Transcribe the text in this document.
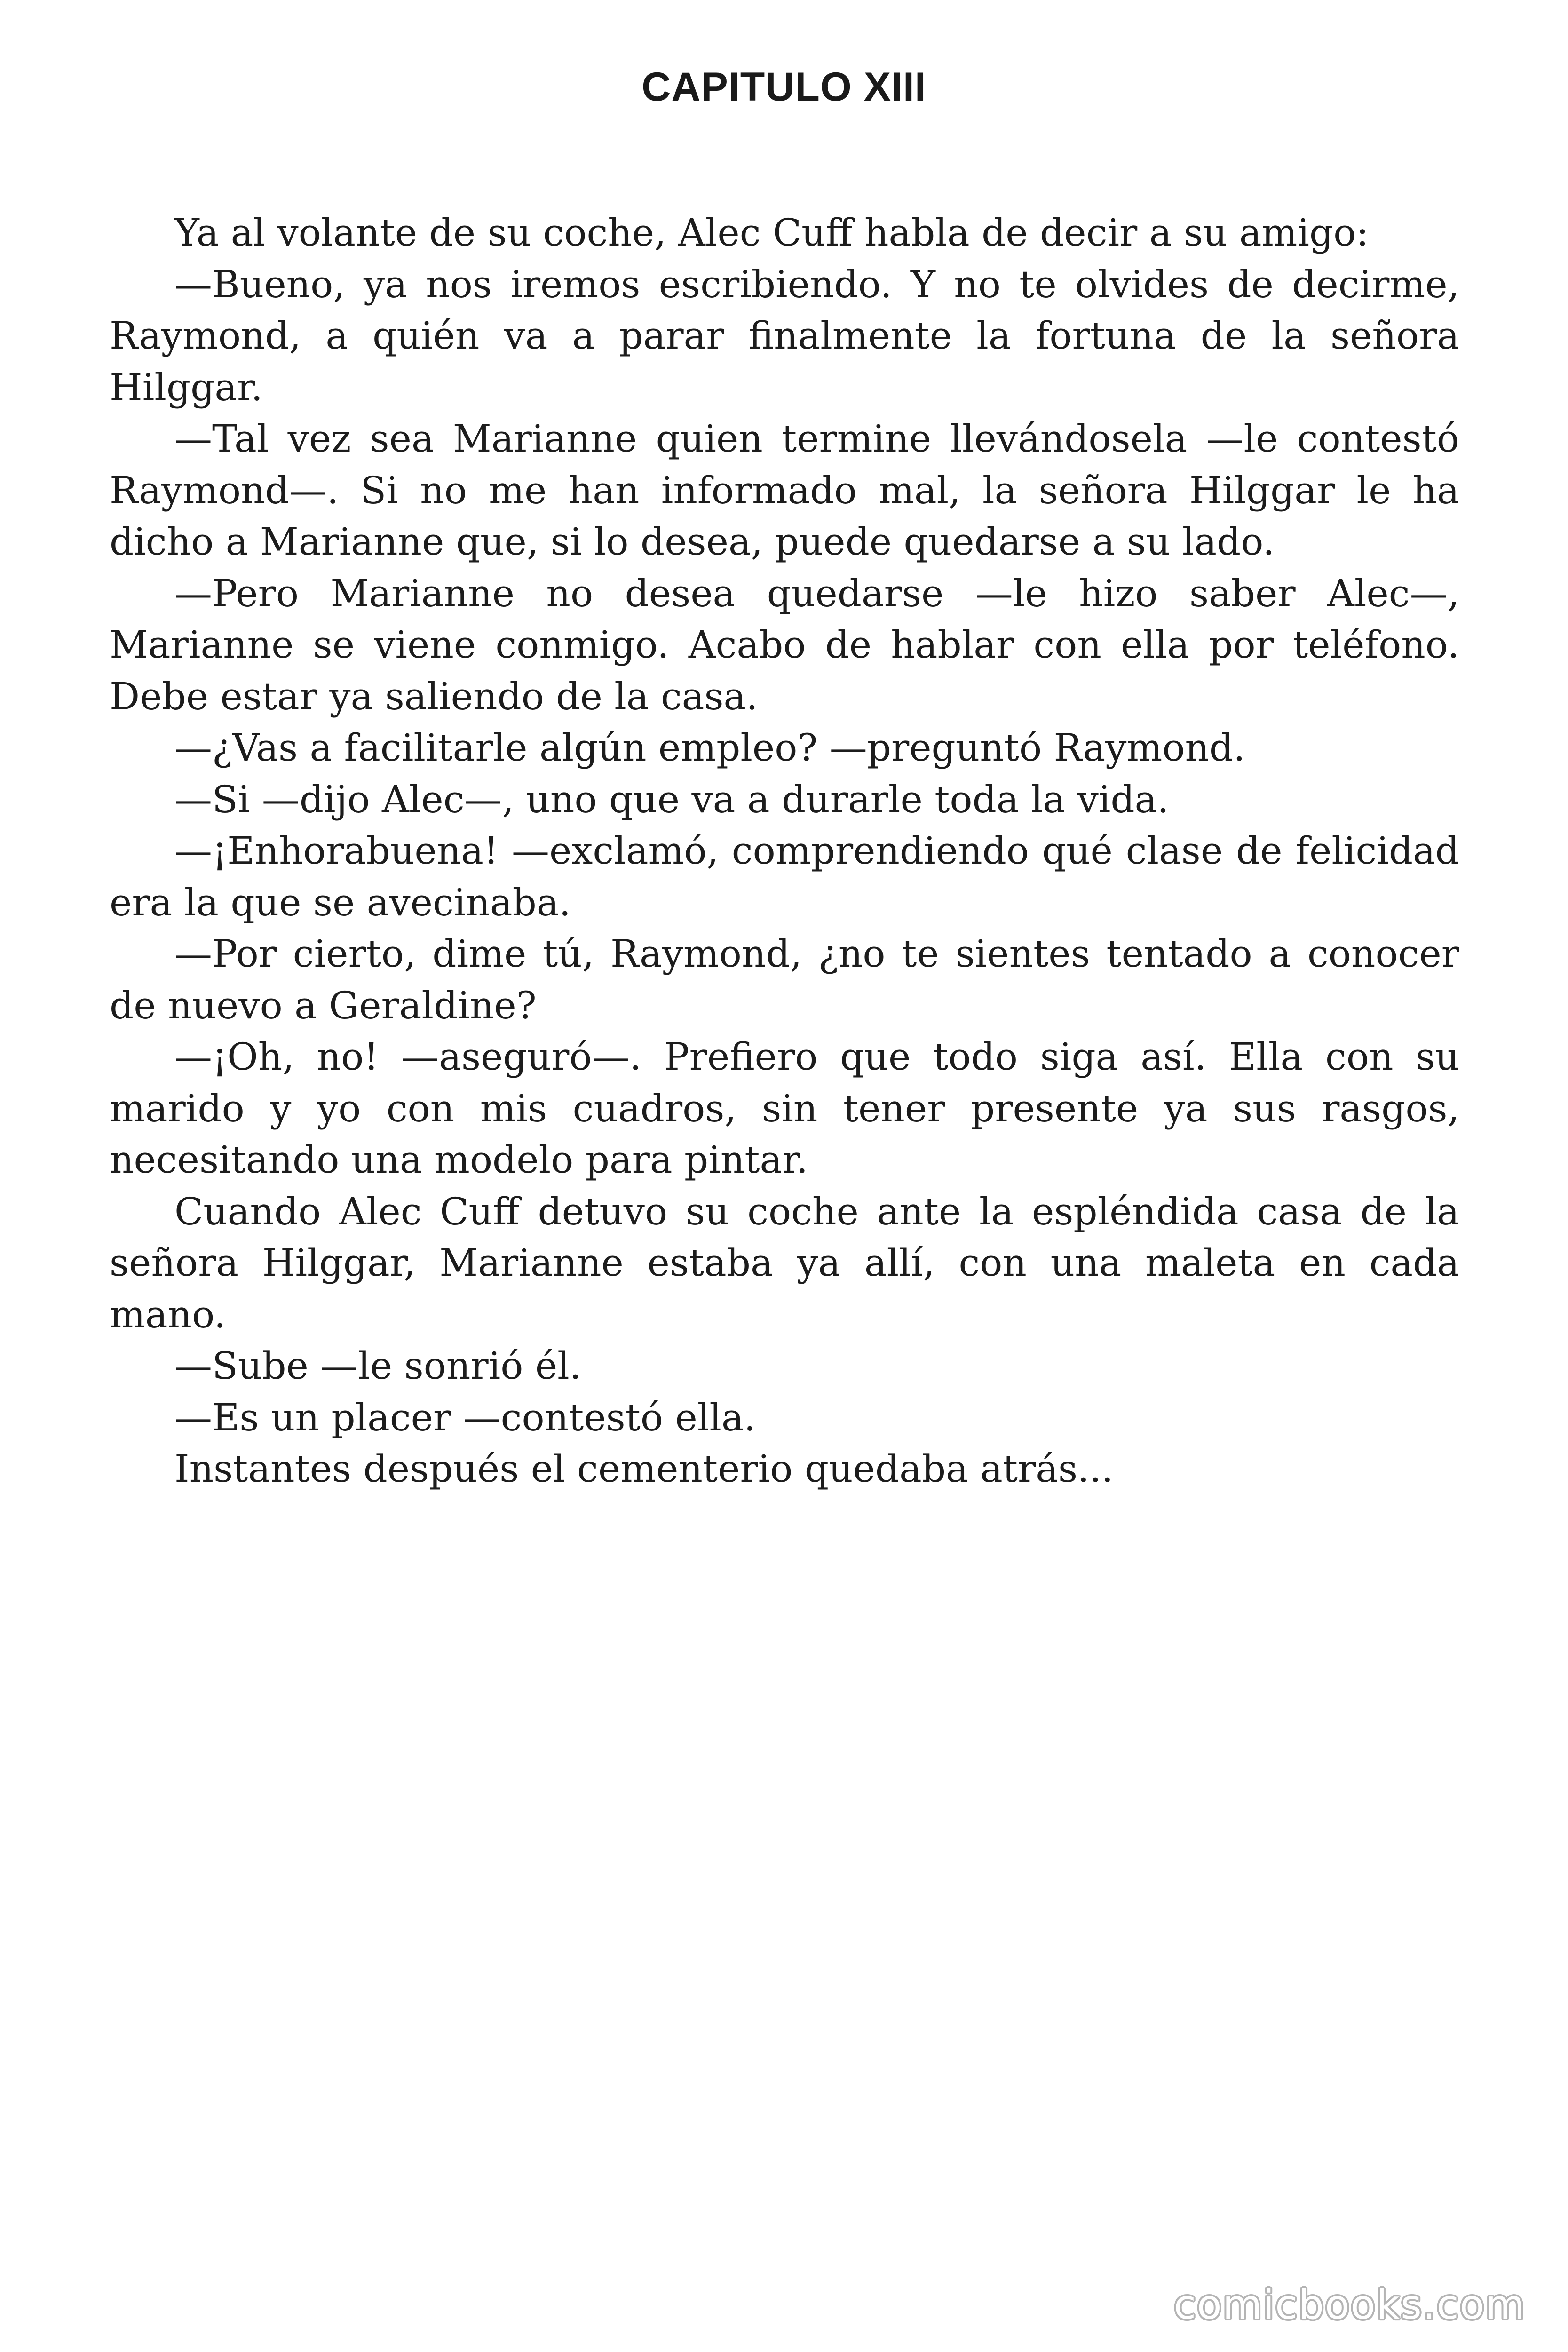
CAPITULO XIII

Ya al volante de su coche, Alec Cuff habla de decir a su amigo:

—Bueno, ya nos iremos escribiendo. Y no te olvides de decirme, Raymond, a quién va a parar finalmente la fortuna de la señora Hilggar.

—Tal vez sea Marianne quien termine llevándosela —le contestó Raymond—. Si no me han informado mal, la señora Hilggar le ha dicho a Marianne que, si lo desea, puede quedarse a su lado.

—Pero Marianne no desea quedarse —le hizo saber Alec—, Marianne se viene conmigo. Acabo de hablar con ella por teléfono. Debe estar ya saliendo de la casa.

—¿Vas a facilitarle algún empleo? —preguntó Raymond.

—Si —dijo Alec—, uno que va a durarle toda la vida.

—¡Enhorabuena! —exclamó, comprendiendo qué clase de felicidad era la que se avecinaba.

—Por cierto, dime tú, Raymond, ¿no te sientes tentado a conocer de nuevo a Geraldine?

—¡Oh, no! —aseguró—. Prefiero que todo siga así. Ella con su marido y yo con mis cuadros, sin tener presente ya sus rasgos, necesitando una modelo para pintar.

Cuando Alec Cuff detuvo su coche ante la espléndida casa de la señora Hilggar, Marianne estaba ya allí, con una maleta en cada mano.

—Sube —le sonrió él.

—Es un placer —contestó ella.

Instantes después el cementerio quedaba atrás...

comicbooks.com
